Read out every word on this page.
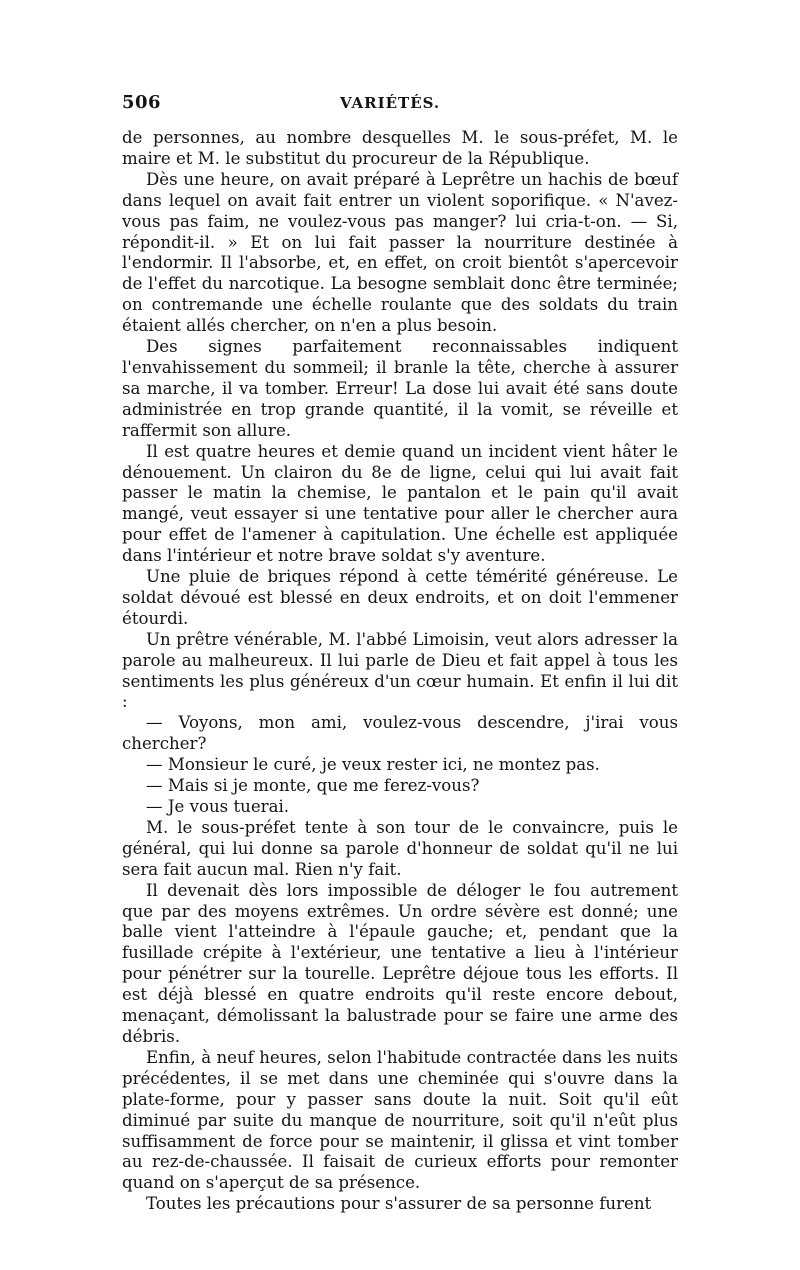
506	VARIÉTÉS.

de personnes, au nombre desquelles M. le sous-préfet, M. le maire et M. le substitut du procureur de la République.

Dès une heure, on avait préparé à Leprêtre un hachis de bœuf dans lequel on avait fait entrer un violent soporifique. « N'avez-vous pas faim, ne voulez-vous pas manger? lui cria-t-on. — Si, répondit-il. » Et on lui fait passer la nourriture destinée à l'endormir. Il l'absorbe, et, en effet, on croit bientôt s'apercevoir de l'effet du narcotique. La besogne semblait donc être terminée; on contremande une échelle roulante que des soldats du train étaient allés chercher, on n'en a plus besoin.

Des signes parfaitement reconnaissables indiquent l'envahissement du sommeil; il branle la tête, cherche à assurer sa marche, il va tomber. Erreur! La dose lui avait été sans doute administrée en trop grande quantité, il la vomit, se réveille et raffermit son allure.

Il est quatre heures et demie quand un incident vient hâter le dénouement. Un clairon du 8e de ligne, celui qui lui avait fait passer le matin la chemise, le pantalon et le pain qu'il avait mangé, veut essayer si une tentative pour aller le chercher aura pour effet de l'amener à capitulation. Une échelle est appliquée dans l'intérieur et notre brave soldat s'y aventure.

Une pluie de briques répond à cette témérité généreuse. Le soldat dévoué est blessé en deux endroits, et on doit l'emmener étourdi.

Un prêtre vénérable, M. l'abbé Limoisin, veut alors adresser la parole au malheureux. Il lui parle de Dieu et fait appel à tous les sentiments les plus généreux d'un cœur humain. Et enfin il lui dit :

— Voyons, mon ami, voulez-vous descendre, j'irai vous chercher?

— Monsieur le curé, je veux rester ici, ne montez pas.

— Mais si je monte, que me ferez-vous?

— Je vous tuerai.

M. le sous-préfet tente à son tour de le convaincre, puis le général, qui lui donne sa parole d'honneur de soldat qu'il ne lui sera fait aucun mal. Rien n'y fait.

Il devenait dès lors impossible de déloger le fou autrement que par des moyens extrêmes. Un ordre sévère est donné; une balle vient l'atteindre à l'épaule gauche; et, pendant que la fusillade crépite à l'extérieur, une tentative a lieu à l'intérieur pour pénétrer sur la tourelle. Leprêtre déjoue tous les efforts. Il est déjà blessé en quatre endroits qu'il reste encore debout, menaçant, démolissant la balustrade pour se faire une arme des débris.

Enfin, à neuf heures, selon l'habitude contractée dans les nuits précédentes, il se met dans une cheminée qui s'ouvre dans la plate-forme, pour y passer sans doute la nuit. Soit qu'il eût diminué par suite du manque de nourriture, soit qu'il n'eût plus suffisamment de force pour se maintenir, il glissa et vint tomber au rez-de-chaussée. Il faisait de curieux efforts pour remonter quand on s'aperçut de sa présence.

Toutes les précautions pour s'assurer de sa personne furent
